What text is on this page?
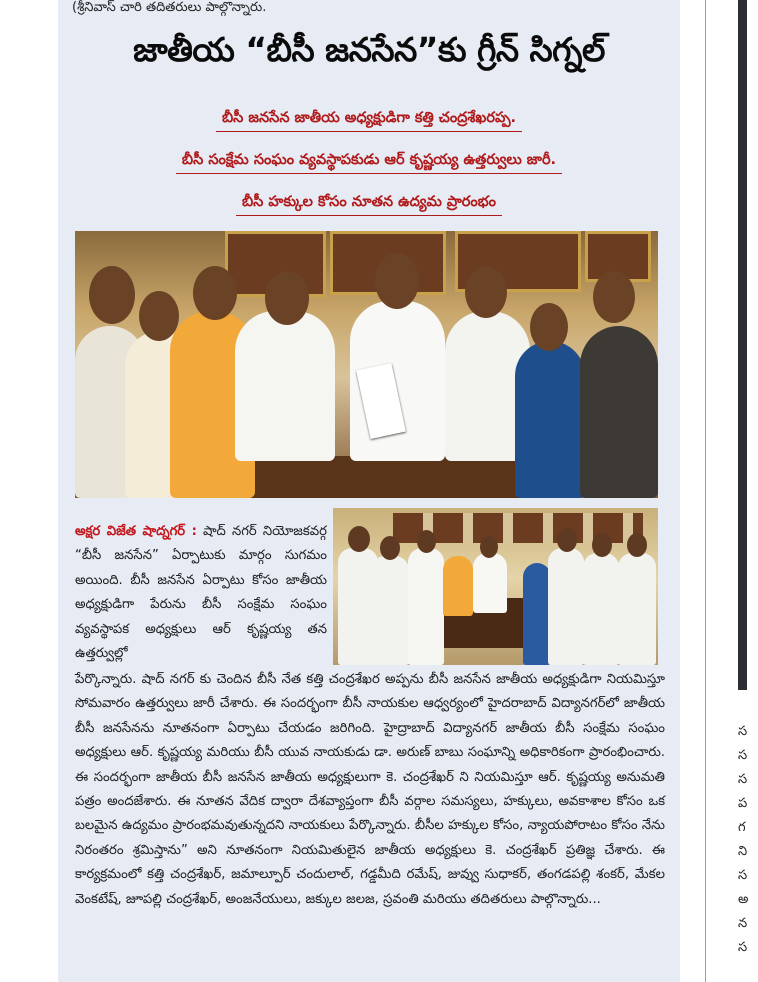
(శ్రీనివాస్ చారి తదితరులు పాల్గొన్నారు.
జాతీయ “బీసీ జనసేన”కు గ్రీన్ సిగ్నల్
బీసీ జనసేన జాతీయ అధ్యక్షుడిగా కత్తి చంద్రశేఖరప్ప.
బీసీ సంక్షేమ సంఘం వ్యవస్థాపకుడు ఆర్ కృష్ణయ్య ఉత్తర్వులు జారీ.
బీసీ హక్కుల కోసం నూతన ఉద్యమ ప్రారంభం
అక్షర విజేత షాద్నగర్ : షాద్ నగర్ నియోజకవర్గ “బీసీ జనసేన” ఏర్పాటుకు మార్గం సుగమం అయింది. బీసీ జనసేన ఏర్పాటు కోసం జాతీయ అధ్యక్షుడిగా పేరును బీసీ సంక్షేమ సంఘం వ్యవస్థాపక అధ్యక్షులు ఆర్ కృష్ణయ్య తన ఉత్తర్వుల్లో
పేర్కొన్నారు. షాద్ నగర్ కు చెందిన బీసీ నేత కత్తి చంద్రశేఖర అప్పను బీసీ జనసేన జాతీయ అధ్యక్షుడిగా నియమిస్తూ సోమవారం ఉత్తర్వులు జారీ చేశారు. ఈ సందర్భంగా బీసీ నాయకుల ఆధ్వర్యంలో హైదరాబాద్ విద్యానగర్‌లో జాతీయ బీసీ జనసేనను నూతనంగా ఏర్పాటు చేయడం జరిగింది. హైద్రాబాద్ విద్యానగర్ జాతీయ బీసీ సంక్షేమ సంఘం అధ్యక్షులు ఆర్. కృష్ణయ్య మరియు బీసీ యువ నాయకుడు డా. అరుణ్ బాబు సంఘాన్ని అధికారికంగా ప్రారంభించారు. ఈ సందర్భంగా జాతీయ బీసీ జనసేన జాతీయ అధ్యక్షులుగా కె. చంద్రశేఖర్ ని నియమిస్తూ ఆర్. కృష్ణయ్య అనుమతి పత్రం అందజేశారు. ఈ నూతన వేదిక ద్వారా దేశవ్యాప్తంగా బీసీ వర్గాల సమస్యలు, హక్కులు, అవకాశాల కోసం ఒక బలమైన ఉద్యమం ప్రారంభమవుతున్నదని నాయకులు పేర్కొన్నారు. బీసీల హక్కుల కోసం, న్యాయపోరాటం కోసం నేను నిరంతరం శ్రమిస్తాను” అని నూతనంగా నియమితులైన జాతీయ అధ్యక్షులు కె. చంద్రశేఖర్ ప్రతిజ్ఞ చేశారు. ఈ కార్యక్రమంలో కత్తి చంద్రశేఖర్, జమాల్పూర్ చందులాల్, గడ్డమీది రమేష్, జువ్వు సుధాకర్, తంగడపల్లి శంకర్, మేకల వెంకటేష్, జూపల్లి చంద్రశేఖర్, అంజనేయులు, జక్కుల జలజ, స్రవంతి మరియు తదితరులు పాల్గొన్నారు...
స
స
స
ప
గ
ని
స
అ
న
స
